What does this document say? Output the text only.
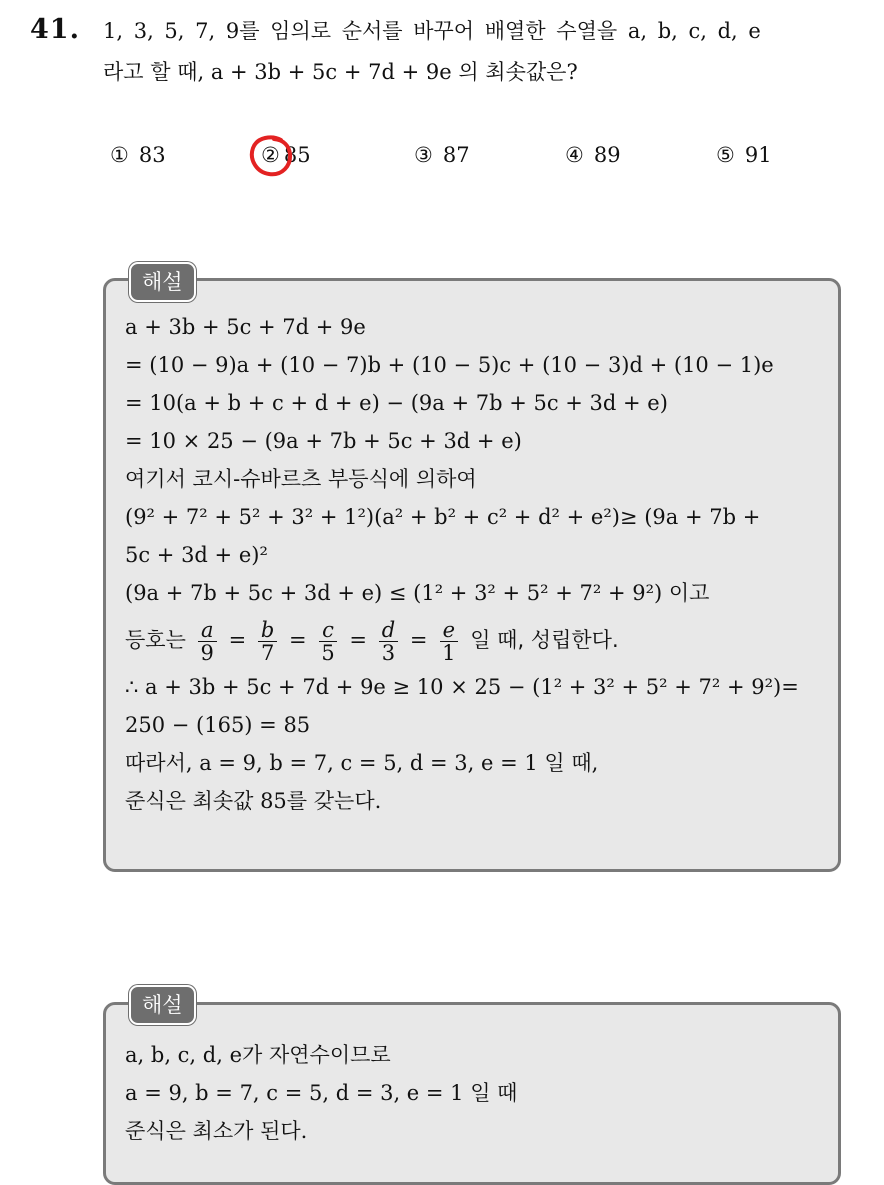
41. 1, 3, 5, 7, 9를 임의로 순서를 바꾸어 배열한 수열을 a, b, c, d, e
라고 할 때, a + 3b + 5c + 7d + 9e 의 최솟값은?
① 83	② 85	③ 87	④ 89	⑤ 91
해설
a + 3b + 5c + 7d + 9e
= (10 − 9)a + (10 − 7)b + (10 − 5)c + (10 − 3)d + (10 − 1)e
= 10(a + b + c + d + e) − (9a + 7b + 5c + 3d + e)
= 10 × 25 − (9a + 7b + 5c + 3d + e)
여기서 코시-슈바르츠 부등식에 의하여
(9² + 7² + 5² + 3² + 1²)(a² + b² + c² + d² + e²)≥ (9a + 7b +
5c + 3d + e)²
(9a + 7b + 5c + 3d + e) ≤ (1² + 3² + 5² + 7² + 9²) 이고
등호는 $\frac{a}{9} = \frac{b}{7} = \frac{c}{5} = \frac{d}{3} = \frac{e}{1}$ 일 때, 성립한다.
∴ a + 3b + 5c + 7d + 9e ≥ 10 × 25 − (1² + 3² + 5² + 7² + 9²)=
250 − (165) = 85
따라서, a = 9, b = 7, c = 5, d = 3, e = 1 일 때,
준식은 최솟값 85를 갖는다.
해설
a, b, c, d, e가 자연수이므로
a = 9, b = 7, c = 5, d = 3, e = 1 일 때
준식은 최소가 된다.
